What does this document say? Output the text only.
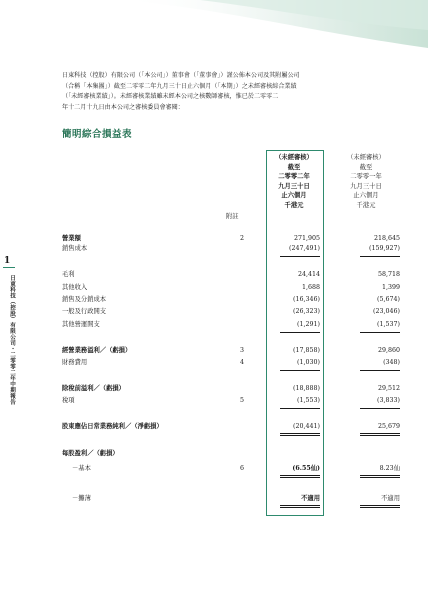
1
日東科技（控股）有限公司・二零零二年中期報告
日東科技（控股）有限公司（「本公司」）董事會（「董事會」）謹公佈本公司及其附屬公司
（合稱「本集團」）截至二零零二年九月三十日止六個月（「本期」）之未經審核綜合業績
（「未經審核業績」）。未經審核業績雖未經本公司之核數師審核，惟已於二零零二
年十二月十九日由本公司之審核委員會審閱：
簡明綜合損益表
（未經審核）
截至
二零零二年
九月三十日
止六個月
千港元
（未經審核）
截至
二零零一年
九月三十日
止六個月
千港元
附註
營業額	2	271,905	218,645
銷售成本	(247,491)	(159,927)
毛利	24,414	58,718
其他收入	1,688	1,399
銷售及分銷成本	(16,346)	(5,674)
一般及行政開支	(26,323)	(23,046)
其他營運開支	(1,291)	(1,537)
經營業務溢利／（虧損）	3	(17,858)	29,860
財務費用	4	(1,030)	(348)
除稅前溢利／（虧損）	(18,888)	29,512
稅項	5	(1,553)	(3,833)
股東應佔日常業務純利／（淨虧損）	(20,441)	25,679
每股盈利／（虧損）
－基本	6	(6.55仙)	8.23仙
－攤薄	不適用	不適用
